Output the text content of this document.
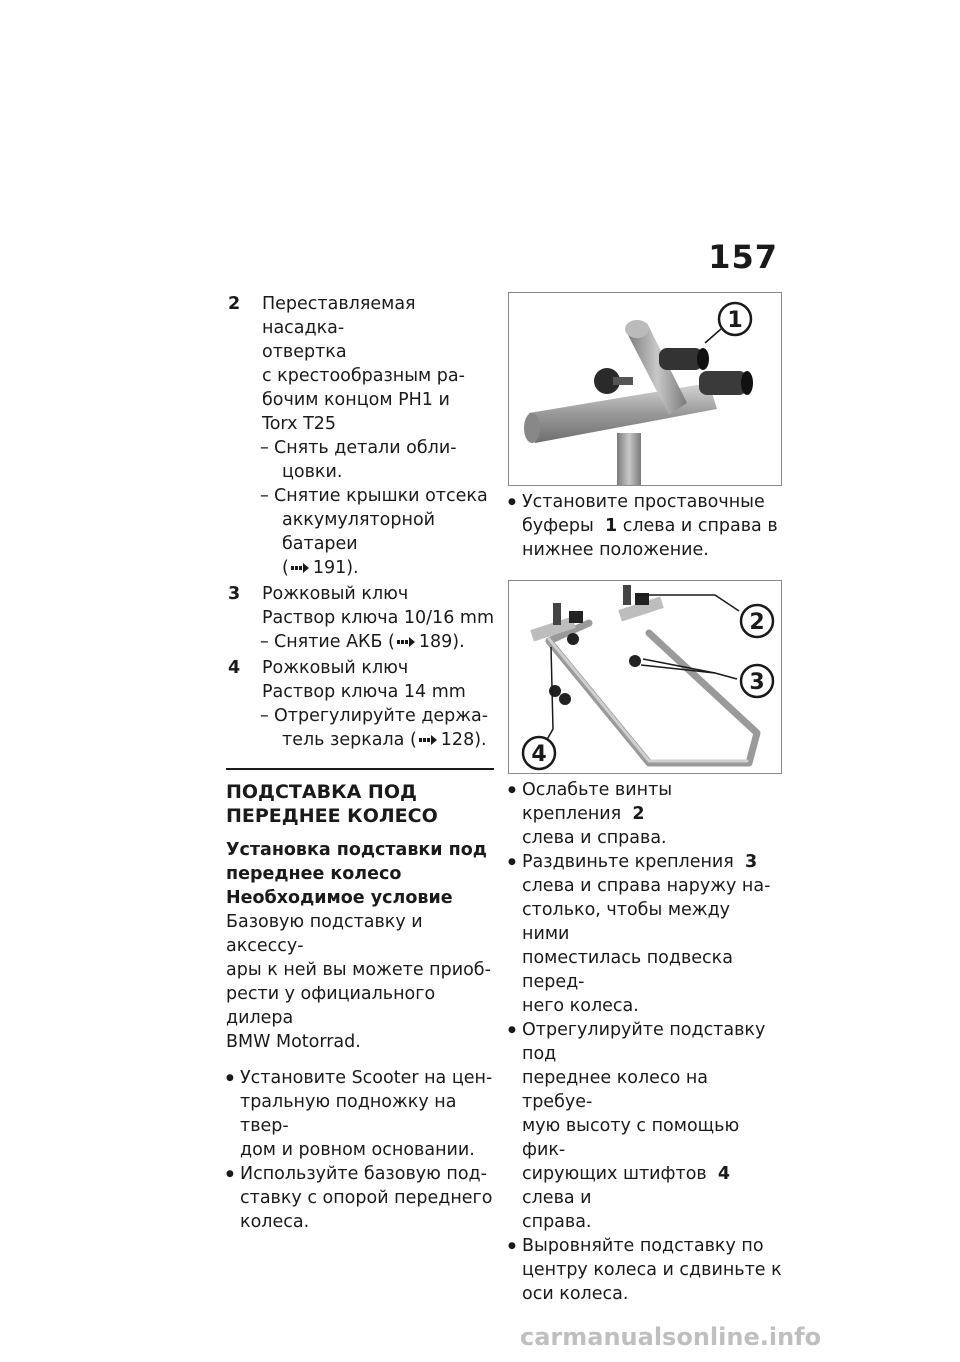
157
2 Переставляемая насадка-
отвертка
с крестообразным ра-
бочим концом PH1 и
Torx T25
– Снять детали обли-
цовки.
– Снятие крышки отсека
аккумуляторной батареи
( 191).
3 Рожковый ключ
Раствор ключа 10/16 mm
– Снятие АКБ ( 189).
4 Рожковый ключ
Раствор ключа 14 mm
– Отрегулируйте держа-
тель зеркала ( 128).
ПОДСТАВКА ПОД
ПЕРЕДНЕЕ КОЛЕСО
Установка подставки под
переднее колесо
Необходимое условие
Базовую подставку и аксессу-
ары к ней вы можете приоб-
рести у официального дилера
BMW Motorrad.
● Установите Scooter на цен-
тральную подножку на твер-
дом и ровном основании.
● Используйте базовую под-
ставку с опорой переднего
колеса.
1
● Установите проставочные
буферы 1 слева и справа в
нижнее положение.
2
3
4
● Ослабьте винты крепления 2
слева и справа.
● Раздвиньте крепления 3
слева и справа наружу на-
столько, чтобы между ними
поместилась подвеска перед-
него колеса.
● Отрегулируйте подставку под
переднее колесо на требуе-
мую высоту с помощью фик-
сирующих штифтов 4 слева и
справа.
● Выровняйте подставку по
центру колеса и сдвиньте к
оси колеса.
carmanualsonline.info
